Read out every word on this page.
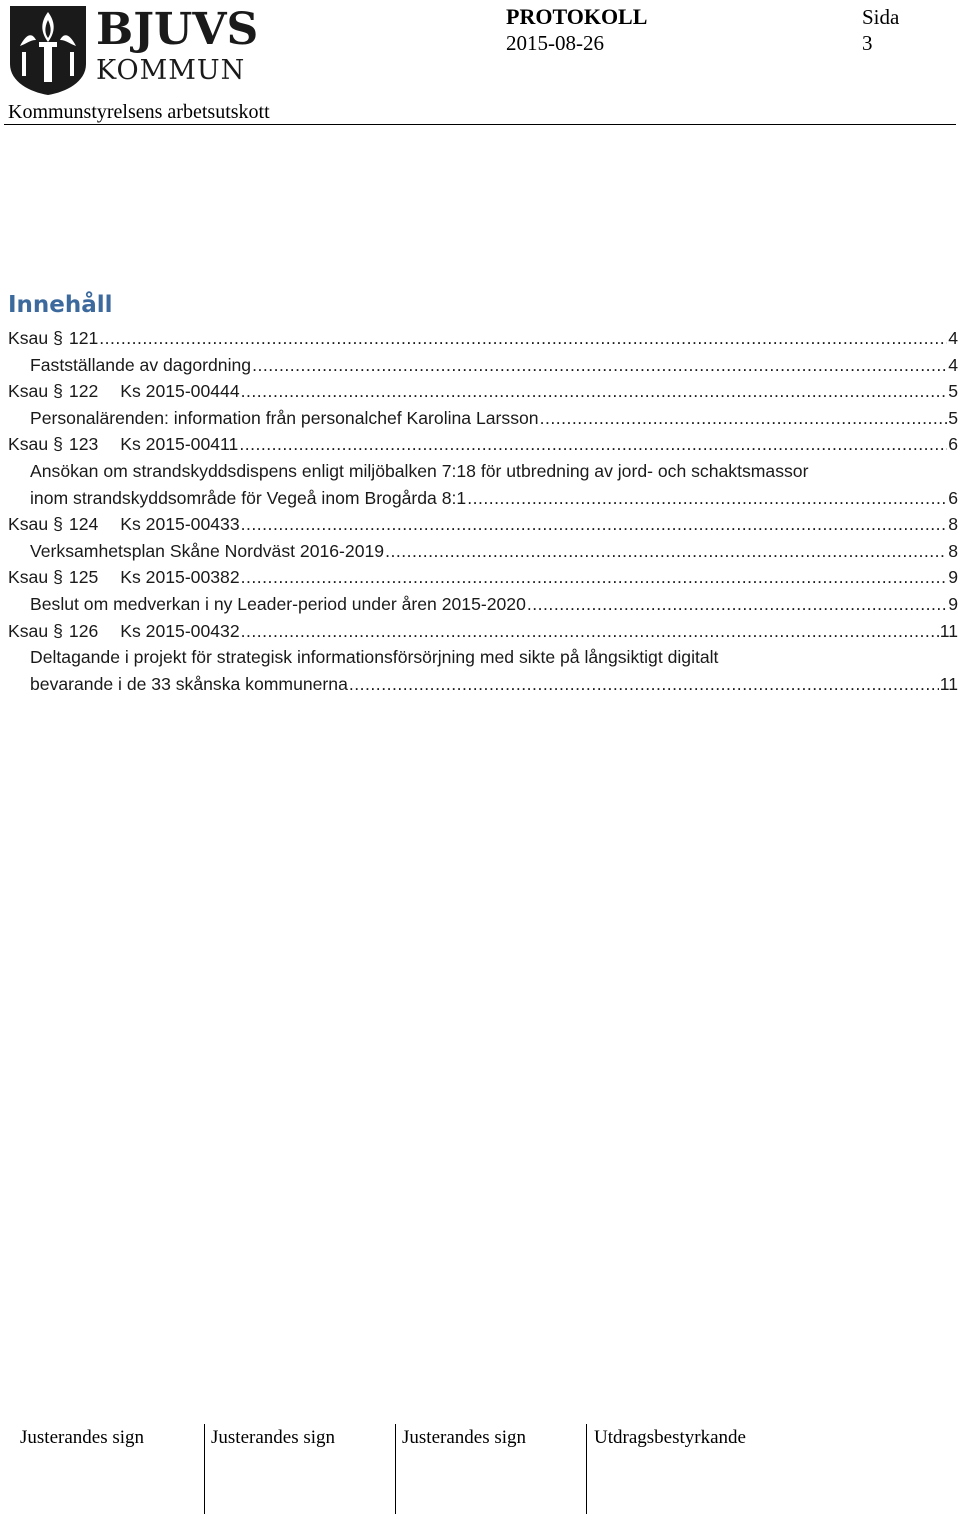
BJUVS
KOMMUN
PROTOKOLL
2015-08-26
Sida
3
Kommunstyrelsens arbetsutskott
Innehåll
Ksau § 121 .....	4
Fastställande av dagordning .....	4
Ksau § 122 Ks 2015-00444 .....	5
Personalärenden: information från personalchef Karolina Larsson .....	5
Ksau § 123 Ks 2015-00411 .....	6
Ansökan om strandskyddsdispens enligt miljöbalken 7:18 för utbredning av jord- och schaktsmassor
inom strandskyddsområde för Vegeå inom Brogårda 8:1 .....	6
Ksau § 124 Ks 2015-00433 .....	8
Verksamhetsplan Skåne Nordväst 2016-2019 .....	8
Ksau § 125 Ks 2015-00382 .....	9
Beslut om medverkan i ny Leader-period under åren 2015-2020 .....	9
Ksau § 126 Ks 2015-00432 .....	11
Deltagande i projekt för strategisk informationsförsörjning med sikte på långsiktigt digitalt
bevarande i de 33 skånska kommunerna .....	11
Justerandes sign	Justerandes sign	Justerandes sign	Utdragsbestyrkande
